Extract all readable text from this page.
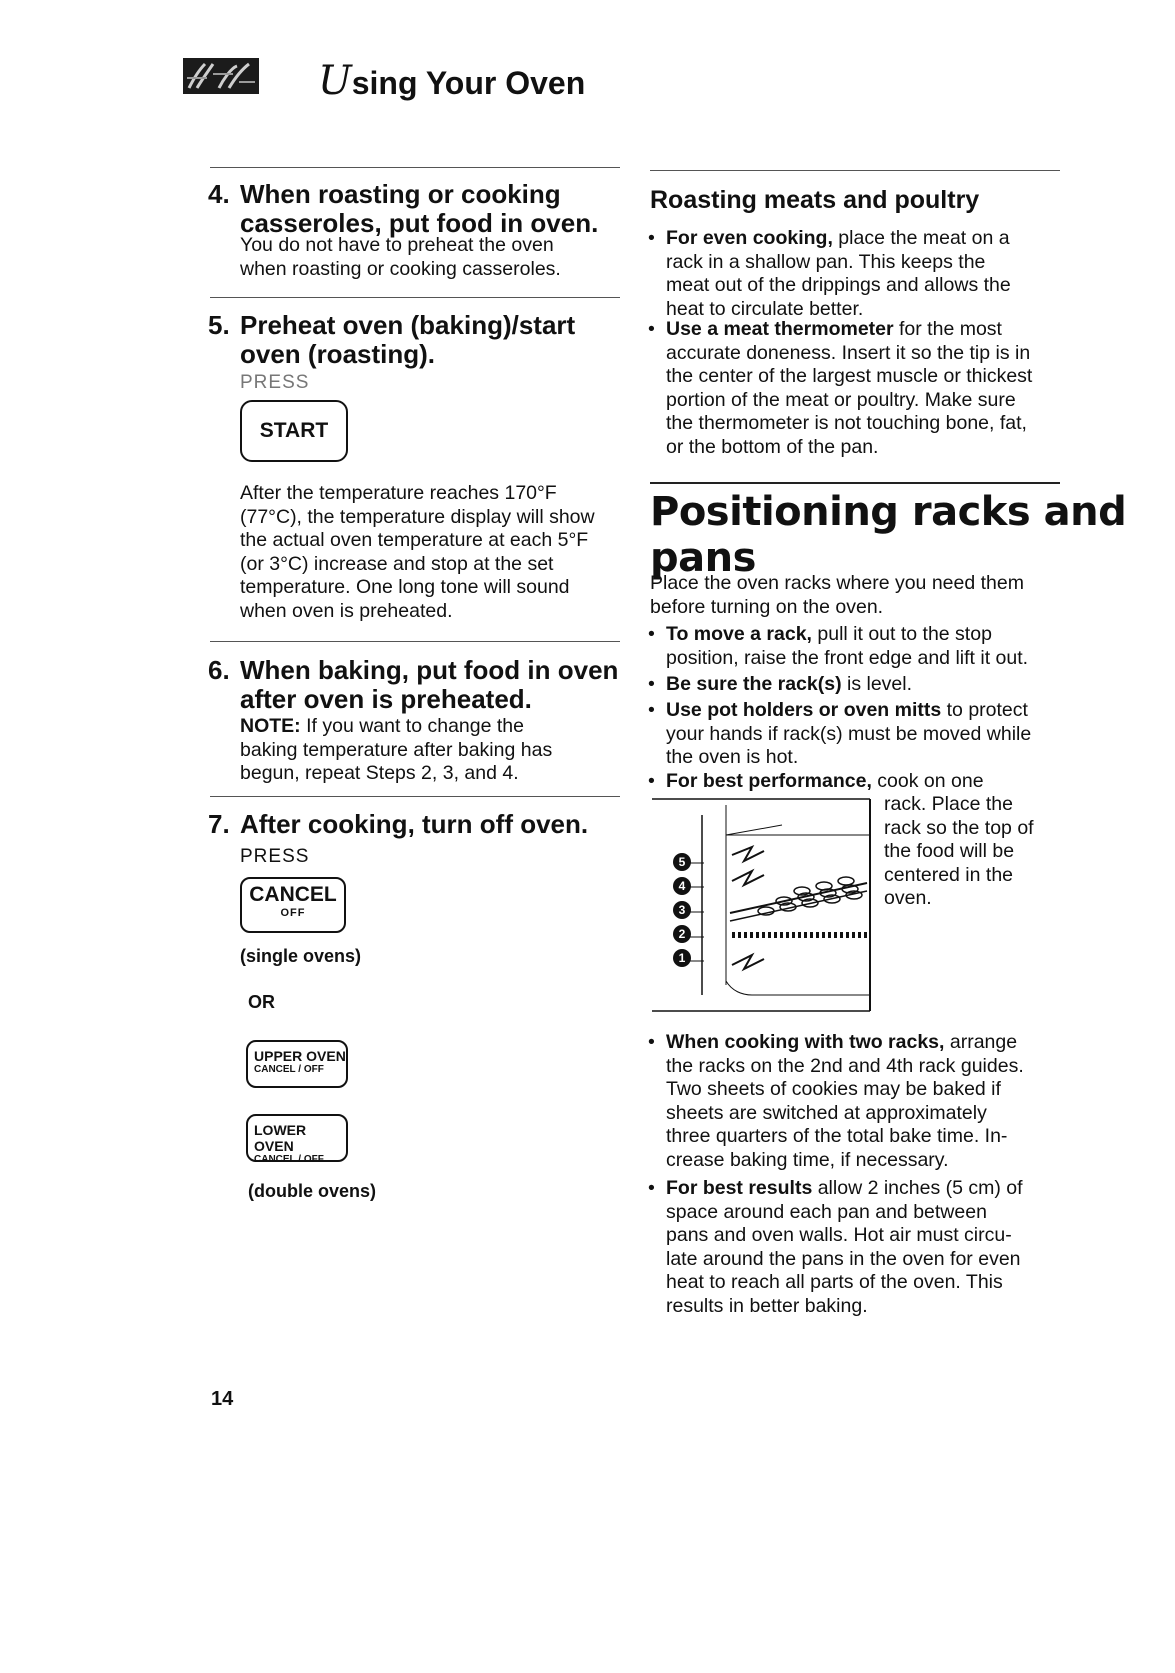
Using Your Oven
4. When roasting or cooking
casseroles, put food in oven.
You do not have to preheat the oven
when roasting or cooking casseroles.
5. Preheat oven (baking)/start
oven (roasting).
PRESS
START
After the temperature reaches 170°F
(77°C), the temperature display will show
the actual oven temperature at each 5°F
(or 3°C) increase and stop at the set
temperature. One long tone will sound
when oven is preheated.
6. When baking, put food in oven
after oven is preheated.
NOTE: If you want to change the
baking temperature after baking has
begun, repeat Steps 2, 3, and 4.
7. After cooking, turn off oven.
PRESS
CANCEL
OFF
(single ovens)
OR
UPPER OVEN
CANCEL / OFF
LOWER OVEN
CANCEL / OFF
(double ovens)
Roasting meats and poultry
• For even cooking, place the meat on a
rack in a shallow pan. This keeps the
meat out of the drippings and allows the
heat to circulate better.
• Use a meat thermometer for the most
accurate doneness. Insert it so the tip is in
the center of the largest muscle or thickest
portion of the meat or poultry. Make sure
the thermometer is not touching bone, fat,
or the bottom of the pan.
Positioning racks and
pans
Place the oven racks where you need them
before turning on the oven.
• To move a rack, pull it out to the stop
position, raise the front edge and lift it out.
• Be sure the rack(s) is level.
• Use pot holders or oven mitts to protect
your hands if rack(s) must be moved while
the oven is hot.
• For best performance, cook on one
5
4
3
2
1
rack. Place the
rack so the top of
the food will be
centered in the
oven.
• When cooking with two racks, arrange
the racks on the 2nd and 4th rack guides.
Two sheets of cookies may be baked if
sheets are switched at approximately
three quarters of the total bake time. In-
crease baking time, if necessary.
• For best results allow 2 inches (5 cm) of
space around each pan and between
pans and oven walls. Hot air must circu-
late around the pans in the oven for even
heat to reach all parts of the oven. This
results in better baking.
14
